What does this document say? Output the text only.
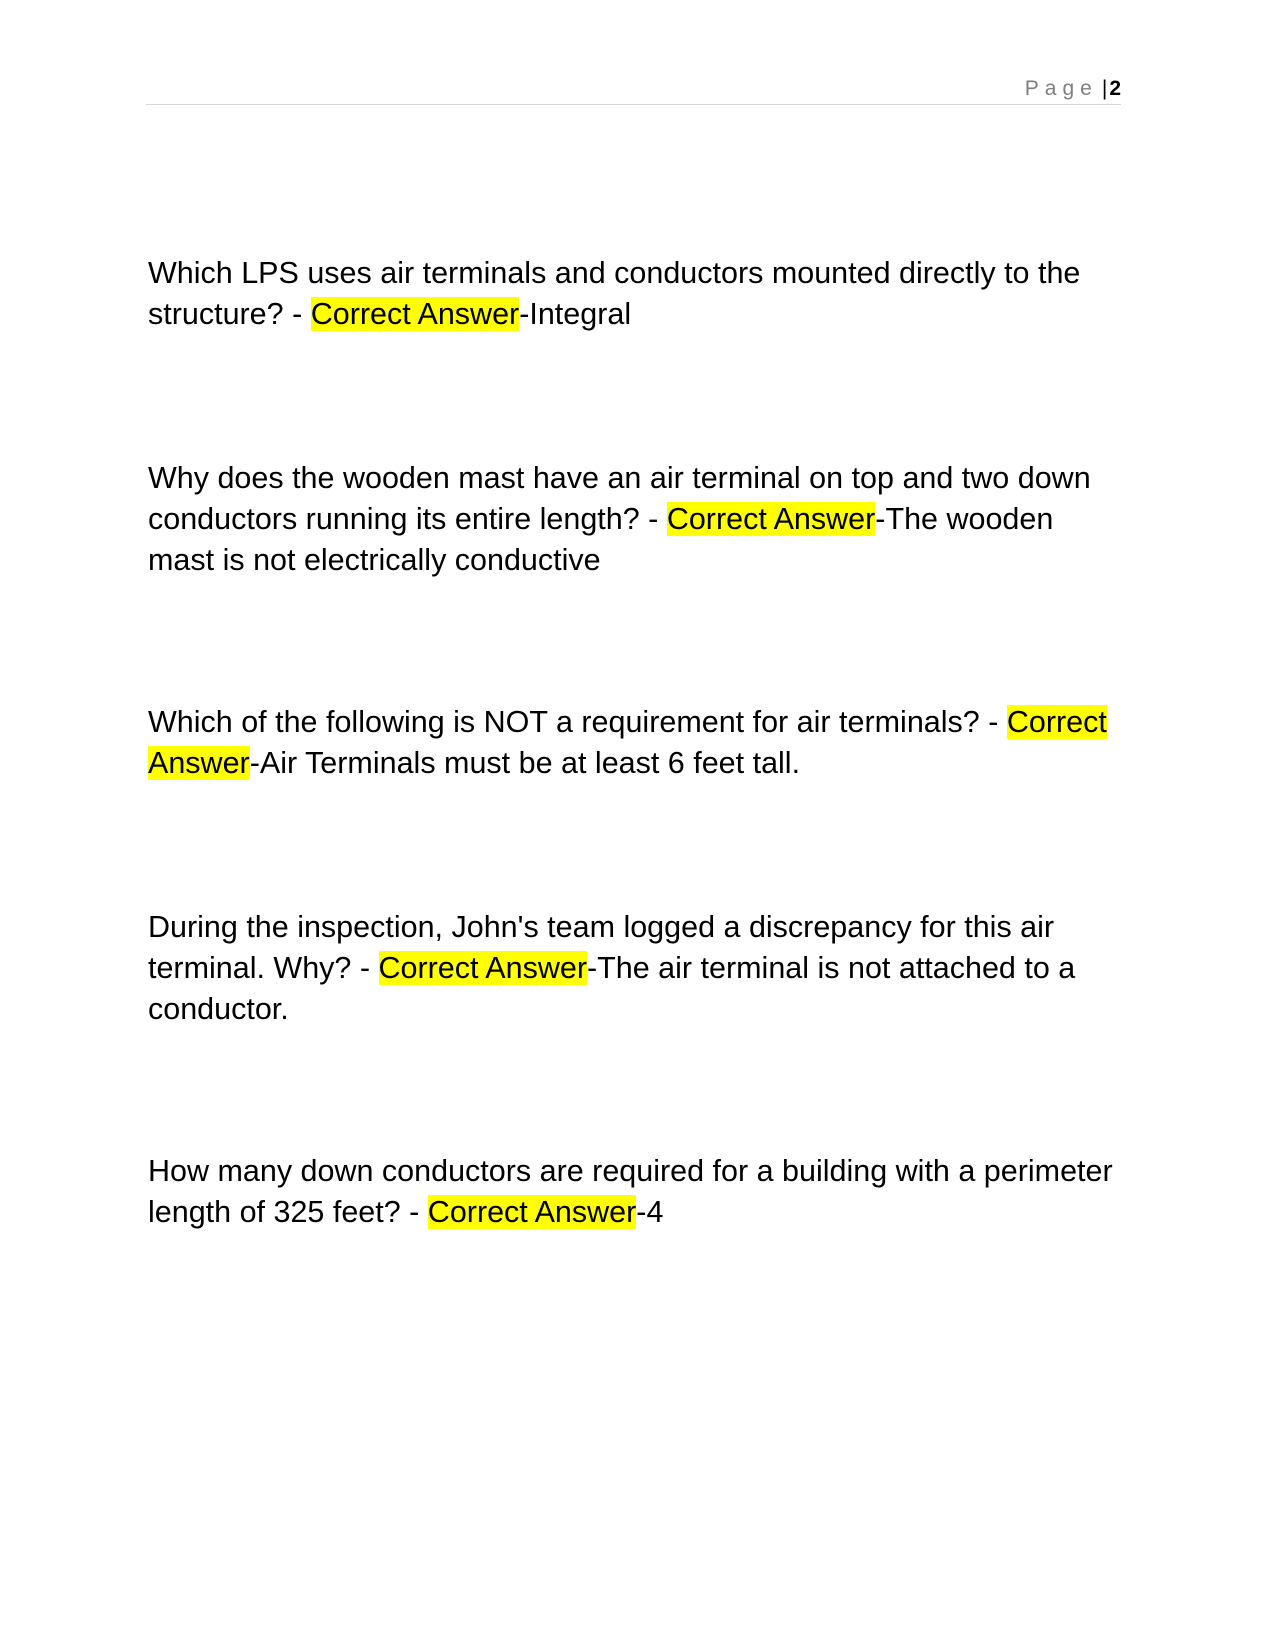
Page |2

Which LPS uses air terminals and conductors mounted directly to the structure? - Correct Answer-Integral

Why does the wooden mast have an air terminal on top and two down conductors running its entire length? - Correct Answer-The wooden mast is not electrically conductive

Which of the following is NOT a requirement for air terminals? - Correct Answer-Air Terminals must be at least 6 feet tall.

During the inspection, John's team logged a discrepancy for this air terminal. Why? - Correct Answer-The air terminal is not attached to a conductor.

How many down conductors are required for a building with a perimeter length of 325 feet? - Correct Answer-4
